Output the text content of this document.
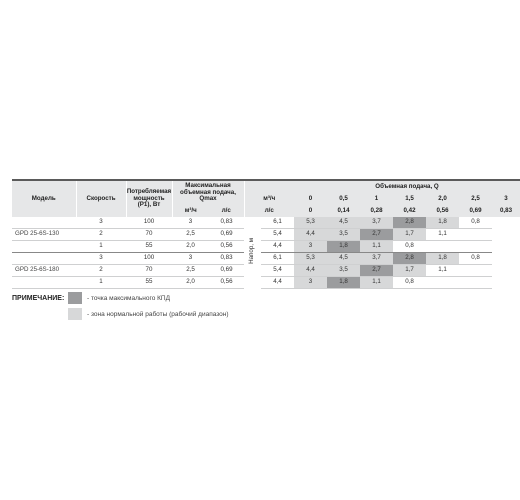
Модель	Скорость	Потребляемая мощность (P1), Вт	Максимальная объемная подача, Qmax				Объемная подача, Q						
					м³/ч		0	0,5	1	1,5	2,0	2,5	3
			м³/ч	л/с	л/с		0	0,14	0,28	0,42	0,56	0,69	0,83
	3	100	3	0,83	Напор, м	6,1	5,3	4,5	3,7	2,8	1,8	0,8	
GPD 25-6S-130	2	70	2,5	0,69		5,4	4,4	3,5	2,7	1,7	1,1		
	1	55	2,0	0,56		4,4	3	1,8	1,1	0,8			
	3	100	3	0,83		6,1	5,3	4,5	3,7	2,8	1,8	0,8	
GPD 25-6S-180	2	70	2,5	0,69		5,4	4,4	3,5	2,7	1,7	1,1		
	1	55	2,0	0,56		4,4	3	1,8	1,1	0,8			
ПРИМЕЧАНИЕ:	- точка максимального КПД
- зона нормальной работы (рабочий диапазон)
